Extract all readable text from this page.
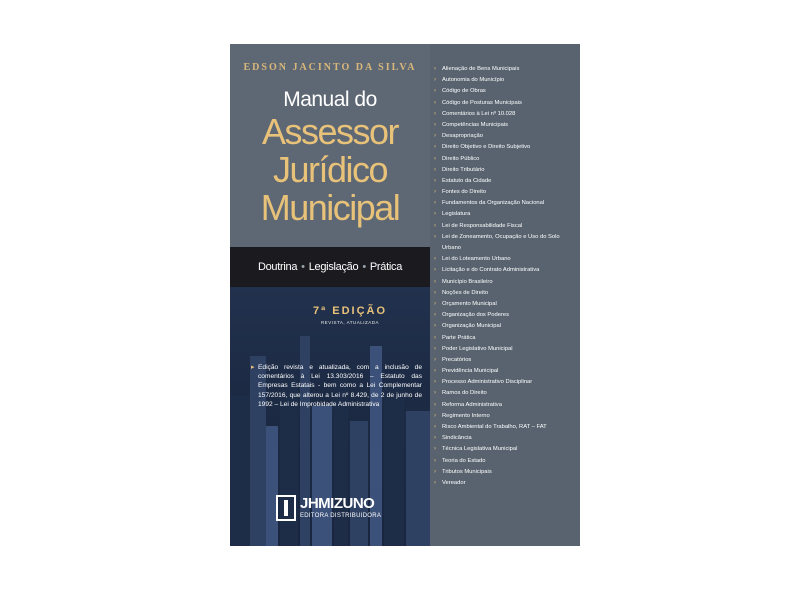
EDSON JACINTO DA SILVA
Manual do
Assessor
Jurídico
Municipal
Doutrina • Legislação • Prática
7ª EDIÇÃO
REVISTA, ATUALIZADA
▸ Edição revista e atualizada, com a inclusão de comentários à Lei 13.303/2016 – Estatuto das Empresas Estatais - bem como a Lei Complementar 157/2016, que alterou a Lei nº 8.429, de 2 de junho de 1992 – Lei de Improbidade Administrativa
JHMIZUNO
EDITORA DISTRIBUIDORA
› Alienação de Bens Municipais
› Autonomia do Município
› Código de Obras
› Código de Posturas Municipais
› Comentários à Lei nº 10.028
› Competências Municipais
› Desapropriação
› Direito Objetivo e Direito Subjetivo
› Direito Público
› Direito Tributário
› Estatuto da Cidade
› Fontes do Direito
› Fundamentos da Organização Nacional
› Legislatura
› Lei de Responsabilidade Fiscal
› Lei de Zoneamento, Ocupação e Uso do Solo Urbano
› Lei do Loteamento Urbano
› Licitação e do Contrato Administrativa
› Município Brasileiro
› Noções de Direito
› Orçamento Municipal
› Organização dos Poderes
› Organização Municipal
› Parte Prática
› Poder Legislativo Municipal
› Precatórios
› Previdência Municipal
› Processo Administrativo Disciplinar
› Ramos do Direito
› Reforma Administrativa
› Regimento Interno
› Risco Ambiental do Trabalho, RAT – FAT
› Sindicância
› Técnica Legislativa Municipal
› Teoria do Estado
› Tributos Municipais
› Vereador
